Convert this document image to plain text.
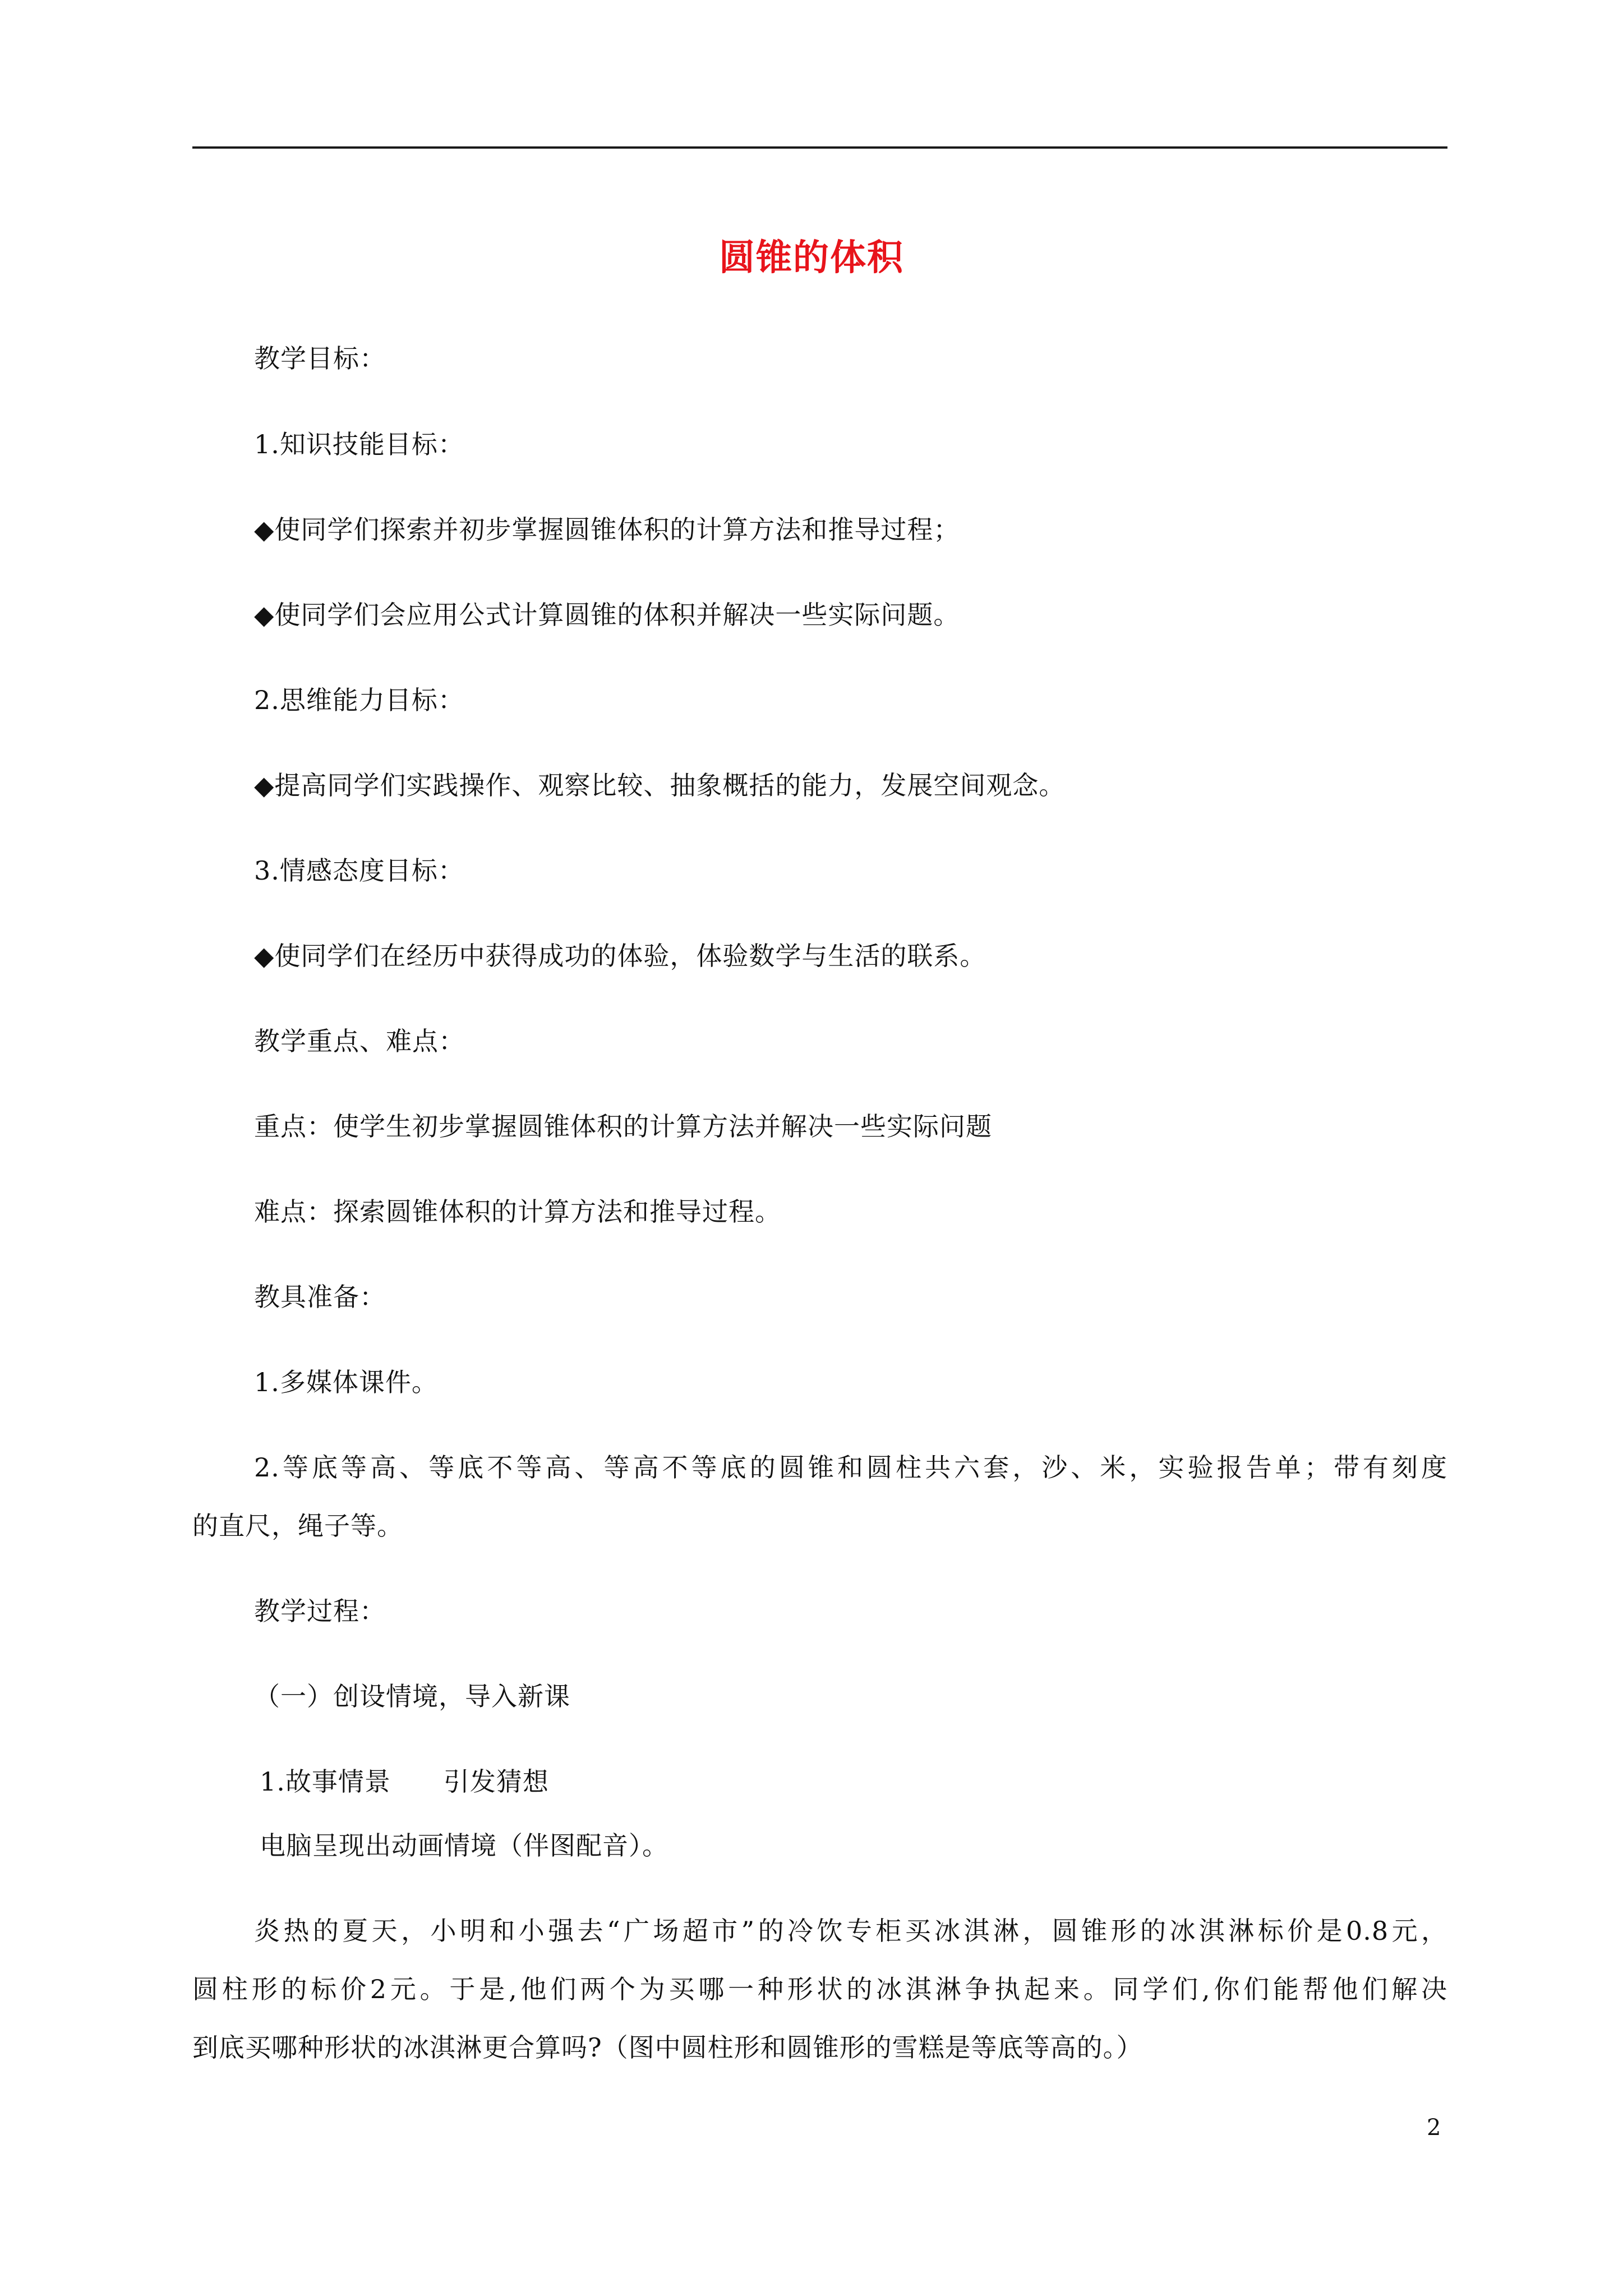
圆锥的体积
教学目标：
1.知识技能目标：
◆使同学们探索并初步掌握圆锥体积的计算方法和推导过程；
◆使同学们会应用公式计算圆锥的体积并解决一些实际问题。
2.思维能力目标：
◆提高同学们实践操作、观察比较、抽象概括的能力，发展空间观念。
3.情感态度目标：
◆使同学们在经历中获得成功的体验，体验数学与生活的联系。
教学重点、难点：
重点：使学生初步掌握圆锥体积的计算方法并解决一些实际问题
难点：探索圆锥体积的计算方法和推导过程。
教具准备：
1.多媒体课件。
2.等底等高、等底不等高、等高不等底的圆锥和圆柱共六套，沙、米，实验报告单；带有刻度
的直尺，绳子等。
教学过程：
（一）创设情境，导入新课
1.故事情景　　引发猜想
电脑呈现出动画情境（伴图配音）。
炎热的夏天，小明和小强去“广场超市”的冷饮专柜买冰淇淋，圆锥形的冰淇淋标价是0.8元，
圆柱形的标价2元。于是,他们两个为买哪一种形状的冰淇淋争执起来。同学们,你们能帮他们解决
到底买哪种形状的冰淇淋更合算吗?（图中圆柱形和圆锥形的雪糕是等底等高的。）
2
